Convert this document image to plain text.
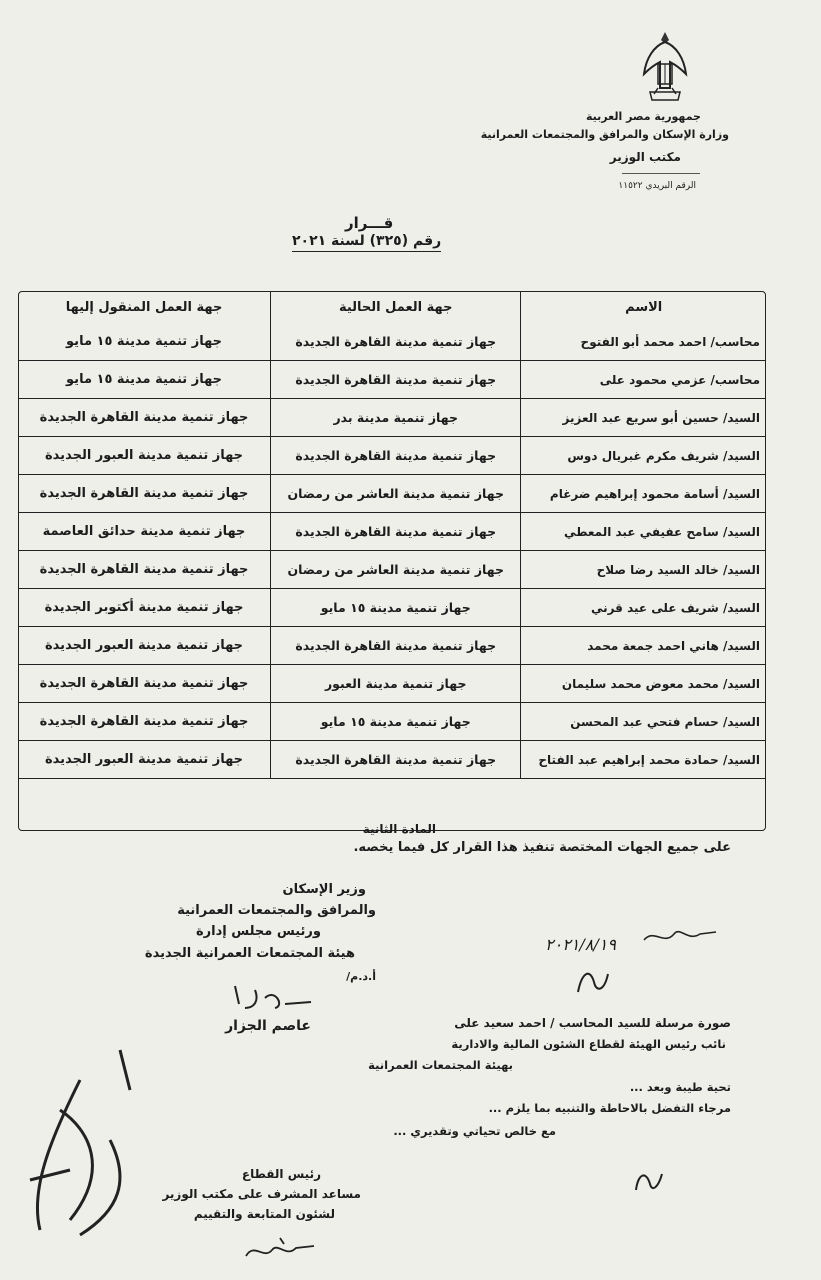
جمهورية مصر العربية
وزارة الإسكان والمرافق والمجتمعات العمرانية
مكتب الوزير
الرقم البريدي ١١٥٢٢
قـــرار
رقم (٣٢٥) لسنة ٢٠٢١
الاسم	جهة العمل الحالية	جهة العمل المنقول إليها
محاسب/ احمد محمد أبو الفتوح	جهاز تنمية مدينة القاهرة الجديدة	جهاز تنمية مدينة ١٥ مايو
محاسب/ عزمي محمود على	جهاز تنمية مدينة القاهرة الجديدة	جهاز تنمية مدينة ١٥ مايو
السيد/ حسين أبو سريع عبد العزيز	جهاز تنمية مدينة بدر	جهاز تنمية مدينة القاهرة الجديدة
السيد/ شريف مكرم غبريال دوس	جهاز تنمية مدينة القاهرة الجديدة	جهاز تنمية مدينة العبور الجديدة
السيد/ أسامة محمود إبراهيم ضرغام	جهاز تنمية مدينة العاشر من رمضان	جهاز تنمية مدينة القاهرة الجديدة
السيد/ سامح عفيفي عبد المعطي	جهاز تنمية مدينة القاهرة الجديدة	جهاز تنمية مدينة حدائق العاصمة
السيد/ خالد السيد رضا صلاح	جهاز تنمية مدينة العاشر من رمضان	جهاز تنمية مدينة القاهرة الجديدة
السيد/ شريف على عيد قرني	جهاز تنمية مدينة ١٥ مايو	جهاز تنمية مدينة أكتوبر الجديدة
السيد/ هاني احمد جمعة محمد	جهاز تنمية مدينة القاهرة الجديدة	جهاز تنمية مدينة العبور الجديدة
السيد/ محمد معوض محمد سليمان	جهاز تنمية مدينة العبور	جهاز تنمية مدينة القاهرة الجديدة
السيد/ حسام فتحي عبد المحسن	جهاز تنمية مدينة ١٥ مايو	جهاز تنمية مدينة القاهرة الجديدة
السيد/ حمادة محمد إبراهيم عبد الفتاح	جهاز تنمية مدينة القاهرة الجديدة	جهاز تنمية مدينة العبور الجديدة
المادة الثانية
على جميع الجهات المختصة تنفيذ هذا القرار كل فيما يخصه.
وزير الإسكان
والمرافق والمجتمعات العمرانية
ورئيس مجلس إدارة
هيئة المجتمعات العمرانية الجديدة
أ.د.م/
عاصم الجزار
٢٠٢١/٨/١٩
صورة مرسلة للسيد المحاسب / احمد سعيد على
نائب رئيس الهيئة لقطاع الشئون المالية والادارية
بهيئة المجتمعات العمرانية
تحية طيبة وبعد ...
مرجاء التفضل بالاحاطة والتنبيه بما يلزم ...
مع خالص تحياتي وتقديري ...
رئيس القطاع
مساعد المشرف على مكتب الوزير
لشئون المتابعة والتقييم
